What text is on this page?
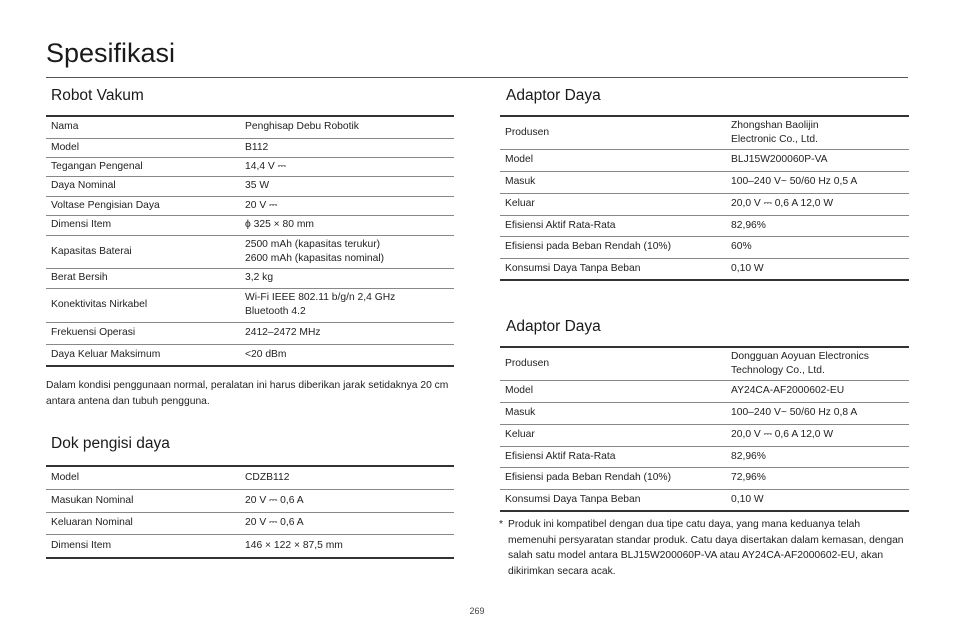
Spesifikasi
Robot Vakum
Nama	Penghisap Debu Robotik
Model	B112
Tegangan Pengenal	14,4 V ⎓
Daya Nominal	35 W
Voltase Pengisian Daya	20 V ⎓
Dimensi Item	ϕ 325 × 80 mm
Kapasitas Baterai	2500 mAh (kapasitas terukur)
2600 mAh (kapasitas nominal)

Berat Bersih	3,2 kg
Konektivitas Nirkabel	Wi-Fi IEEE 802.11 b/g/n 2,4 GHz
Bluetooth 4.2

Frekuensi Operasi	2412–2472 MHz
Daya Keluar Maksimum	<20 dBm

Dalam kondisi penggunaan normal, peralatan ini harus diberikan jarak setidaknya 20 cm antara antena dan tubuh pengguna.

Dok pengisi daya
Model	CDZB112
Masukan Nominal	20 V ⎓ 0,6 A
Keluaran Nominal	20 V ⎓ 0,6 A
Dimensi Item	146 × 122 × 87,5 mm
Adaptor Daya
Produsen	Zhongshan Baolijin
Electronic Co., Ltd.

Model	BLJ15W200060P-VA
Masuk	100–240 V~ 50/60 Hz 0,5 A
Keluar	20,0 V ⎓ 0,6 A 12,0 W
Efisiensi Aktif Rata-Rata	82,96%
Efisiensi pada Beban Rendah (10%)	60%
Konsumsi Daya Tanpa Beban	0,10 W
Adaptor Daya
Produsen	Dongguan Aoyuan Electronics
Technology Co., Ltd.

Model	AY24CA-AF2000602-EU
Masuk	100–240 V~ 50/60 Hz 0,8 A
Keluar	20,0 V ⎓ 0,6 A 12,0 W
Efisiensi Aktif Rata-Rata	82,96%
Efisiensi pada Beban Rendah (10%)	72,96%
Konsumsi Daya Tanpa Beban	0,10 W
* Produk ini kompatibel dengan dua tipe catu daya, yang mana keduanya telah memenuhi persyaratan standar produk. Catu daya disertakan dalam kemasan, dengan salah satu model antara BLJ15W200060P-VA atau AY24CA-AF2000602-EU, akan dikirimkan secara acak.
269
